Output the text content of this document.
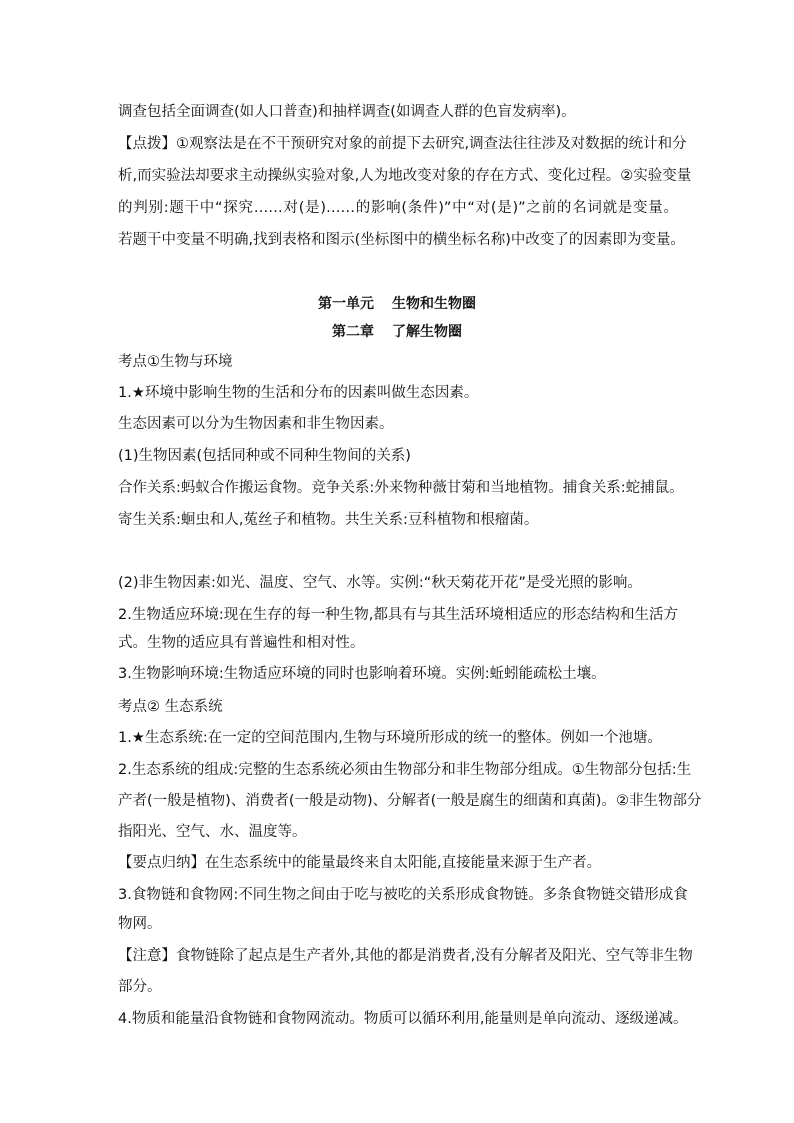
调查包括全面调查(如人口普查)和抽样调查(如调查人群的色盲发病率)。
【点拨】①观察法是在不干预研究对象的前提下去研究,调查法往往涉及对数据的统计和分
析,而实验法却要求主动操纵实验对象,人为地改变对象的存在方式、变化过程。②实验变量
的判别:题干中“探究……对(是)……的影响(条件)”中“对(是)”之前的名词就是变量。
若题干中变量不明确,找到表格和图示(坐标图中的横坐标名称)中改变了的因素即为变量。
第一单元 生物和生物圈
第二章 了解生物圈
考点①生物与环境
1.★环境中影响生物的生活和分布的因素叫做生态因素。
生态因素可以分为生物因素和非生物因素。
(1)生物因素(包括同种或不同种生物间的关系)
合作关系:蚂蚁合作搬运食物。竞争关系:外来物种薇甘菊和当地植物。捕食关系:蛇捕鼠。
寄生关系:蛔虫和人,菟丝子和植物。共生关系:豆科植物和根瘤菌。
(2)非生物因素:如光、温度、空气、水等。实例:“秋天菊花开花”是受光照的影响。
2.生物适应环境:现在生存的每一种生物,都具有与其生活环境相适应的形态结构和生活方
式。生物的适应具有普遍性和相对性。
3.生物影响环境:生物适应环境的同时也影响着环境。实例:蚯蚓能疏松土壤。
考点② 生态系统
1.★生态系统:在一定的空间范围内,生物与环境所形成的统一的整体。例如一个池塘。
2.生态系统的组成:完整的生态系统必须由生物部分和非生物部分组成。①生物部分包括:生
产者(一般是植物)、消费者(一般是动物)、分解者(一般是腐生的细菌和真菌)。②非生物部分
指阳光、空气、水、温度等。
【要点归纳】在生态系统中的能量最终来自太阳能,直接能量来源于生产者。
3.食物链和食物网:不同生物之间由于吃与被吃的关系形成食物链。多条食物链交错形成食
物网。
【注意】食物链除了起点是生产者外,其他的都是消费者,没有分解者及阳光、空气等非生物
部分。
4.物质和能量沿食物链和食物网流动。物质可以循环利用,能量则是单向流动、逐级递减。
